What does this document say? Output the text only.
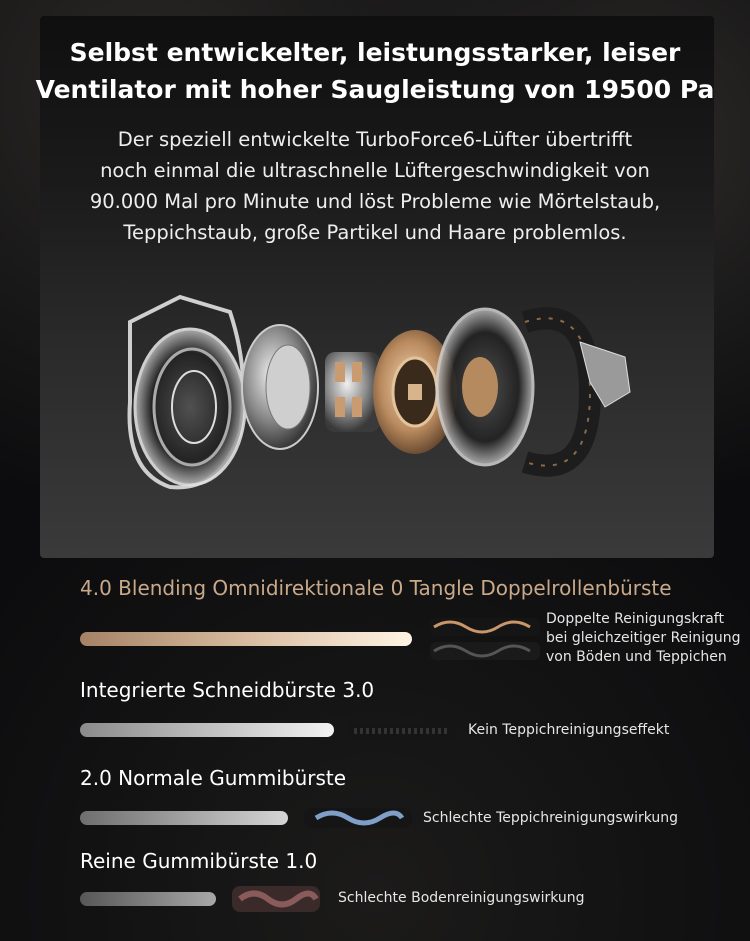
Selbst entwickelter, leistungsstarker, leiser
Ventilator mit hoher Saugleistung von 19500 Pa

Der speziell entwickelte TurboForce6-Lüfter übertrifft
noch einmal die ultraschnelle Lüftergeschwindigkeit von
90.000 Mal pro Minute und löst Probleme wie Mörtelstaub,
Teppichstaub, große Partikel und Haare problemlos.

4.0 Blending Omnidirektionale 0 Tangle Doppelrollenbürste
Doppelte Reinigungskraft
bei gleichzeitiger Reinigung
von Böden und Teppichen
Integrierte Schneidbürste 3.0
Kein Teppichreinigungseffekt
2.0 Normale Gummibürste
Schlechte Teppichreinigungswirkung
Reine Gummibürste 1.0
Schlechte Bodenreinigungswirkung
